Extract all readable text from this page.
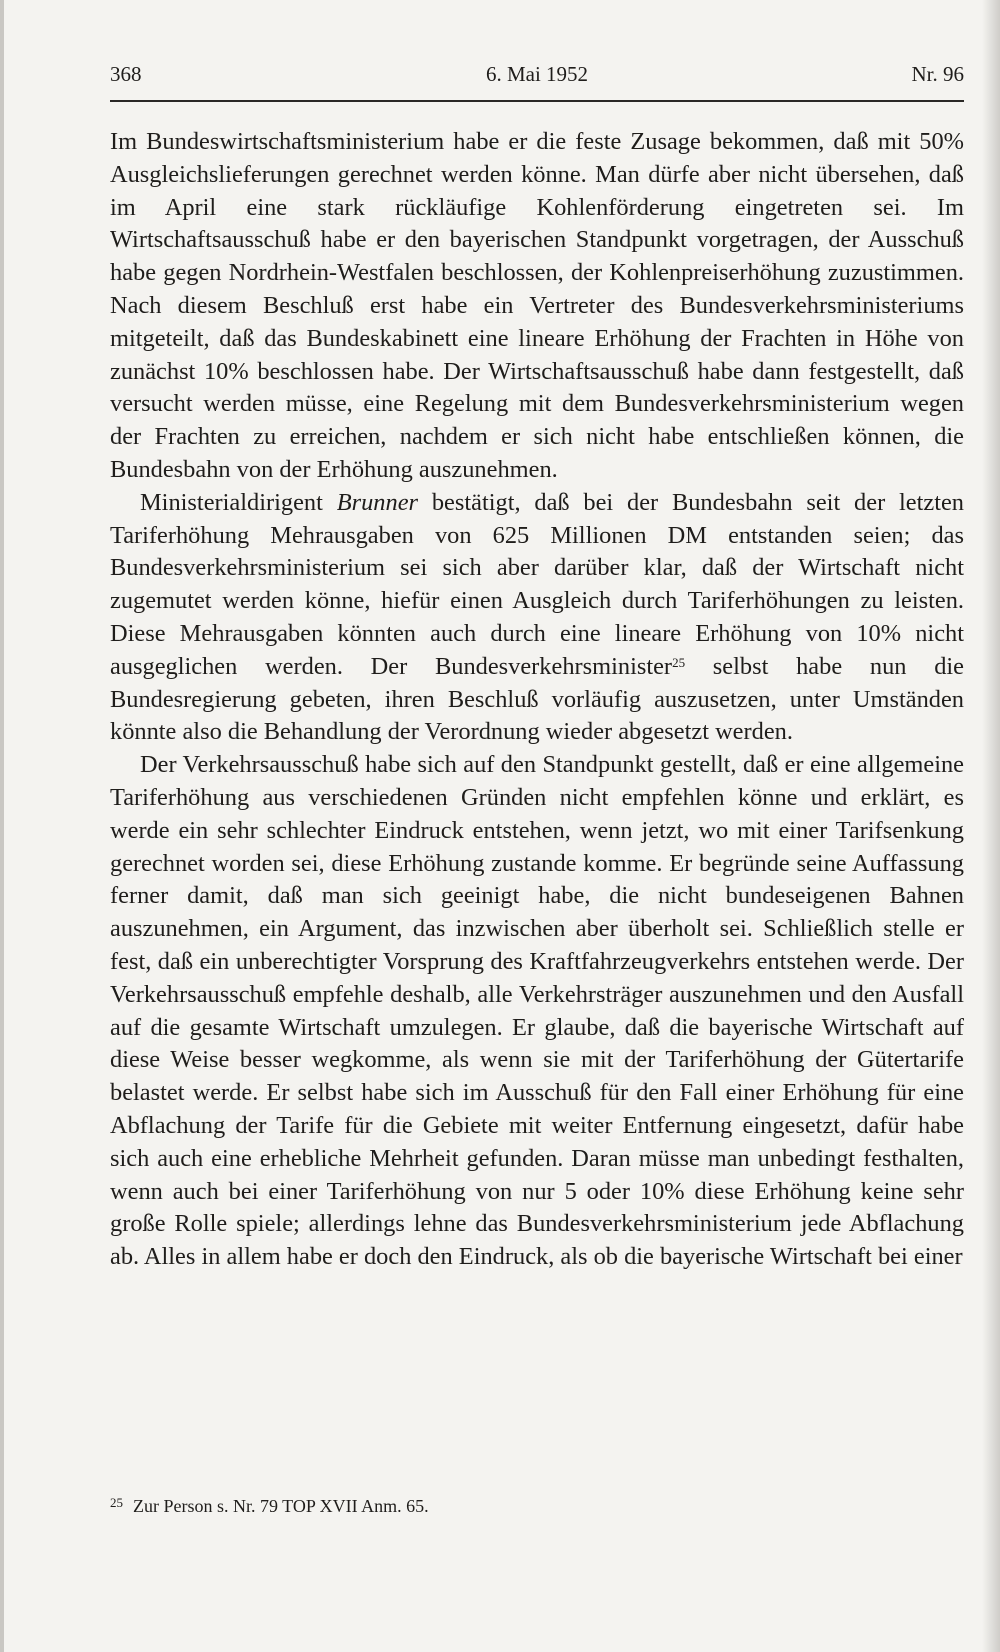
368	6. Mai 1952	Nr. 96

Im Bundeswirtschaftsministerium habe er die feste Zusage bekommen, daß mit 50% Ausgleichslieferungen gerechnet werden könne. Man dürfe aber nicht übersehen, daß im April eine stark rückläufige Kohlenförderung eingetreten sei. Im Wirtschaftsausschuß habe er den bayerischen Standpunkt vorgetragen, der Ausschuß habe gegen Nordrhein-Westfalen beschlossen, der Kohlenpreiserhöhung zuzustimmen. Nach diesem Beschluß erst habe ein Vertreter des Bundesverkehrsministeriums mitgeteilt, daß das Bundeskabinett eine lineare Erhöhung der Frachten in Höhe von zunächst 10% beschlossen habe. Der Wirtschaftsausschuß habe dann festgestellt, daß versucht werden müsse, eine Regelung mit dem Bundesverkehrsministerium wegen der Frachten zu erreichen, nachdem er sich nicht habe entschließen können, die Bundesbahn von der Erhöhung auszunehmen.

Ministerialdirigent Brunner bestätigt, daß bei der Bundesbahn seit der letzten Tariferhöhung Mehrausgaben von 625 Millionen DM entstanden seien; das Bundesverkehrsministerium sei sich aber darüber klar, daß der Wirtschaft nicht zugemutet werden könne, hiefür einen Ausgleich durch Tariferhöhungen zu leisten. Diese Mehrausgaben könnten auch durch eine lineare Erhöhung von 10% nicht ausgeglichen werden. Der Bundesverkehrsminister$^{25}$ selbst habe nun die Bundesregierung gebeten, ihren Beschluß vorläufig auszusetzen, unter Umständen könnte also die Behandlung der Verordnung wieder abgesetzt werden.

Der Verkehrsausschuß habe sich auf den Standpunkt gestellt, daß er eine allgemeine Tariferhöhung aus verschiedenen Gründen nicht empfehlen könne und erklärt, es werde ein sehr schlechter Eindruck entstehen, wenn jetzt, wo mit einer Tarifsenkung gerechnet worden sei, diese Erhöhung zustande komme. Er begründe seine Auffassung ferner damit, daß man sich geeinigt habe, die nicht bundeseigenen Bahnen auszunehmen, ein Argument, das inzwischen aber überholt sei. Schließlich stelle er fest, daß ein unberechtigter Vorsprung des Kraftfahrzeugverkehrs entstehen werde. Der Verkehrsausschuß empfehle deshalb, alle Verkehrsträger auszunehmen und den Ausfall auf die gesamte Wirtschaft umzulegen. Er glaube, daß die bayerische Wirtschaft auf diese Weise besser wegkomme, als wenn sie mit der Tariferhöhung der Gütertarife belastet werde. Er selbst habe sich im Ausschuß für den Fall einer Erhöhung für eine Abflachung der Tarife für die Gebiete mit weiter Entfernung eingesetzt, dafür habe sich auch eine erhebliche Mehrheit gefunden. Daran müsse man unbedingt festhalten, wenn auch bei einer Tariferhöhung von nur 5 oder 10% diese Erhöhung keine sehr große Rolle spiele; allerdings lehne das Bundesverkehrsministerium jede Abflachung ab. Alles in allem habe er doch den Eindruck, als ob die bayerische Wirtschaft bei einer

$^{25}$ Zur Person s. Nr. 79 TOP XVII Anm. 65.
